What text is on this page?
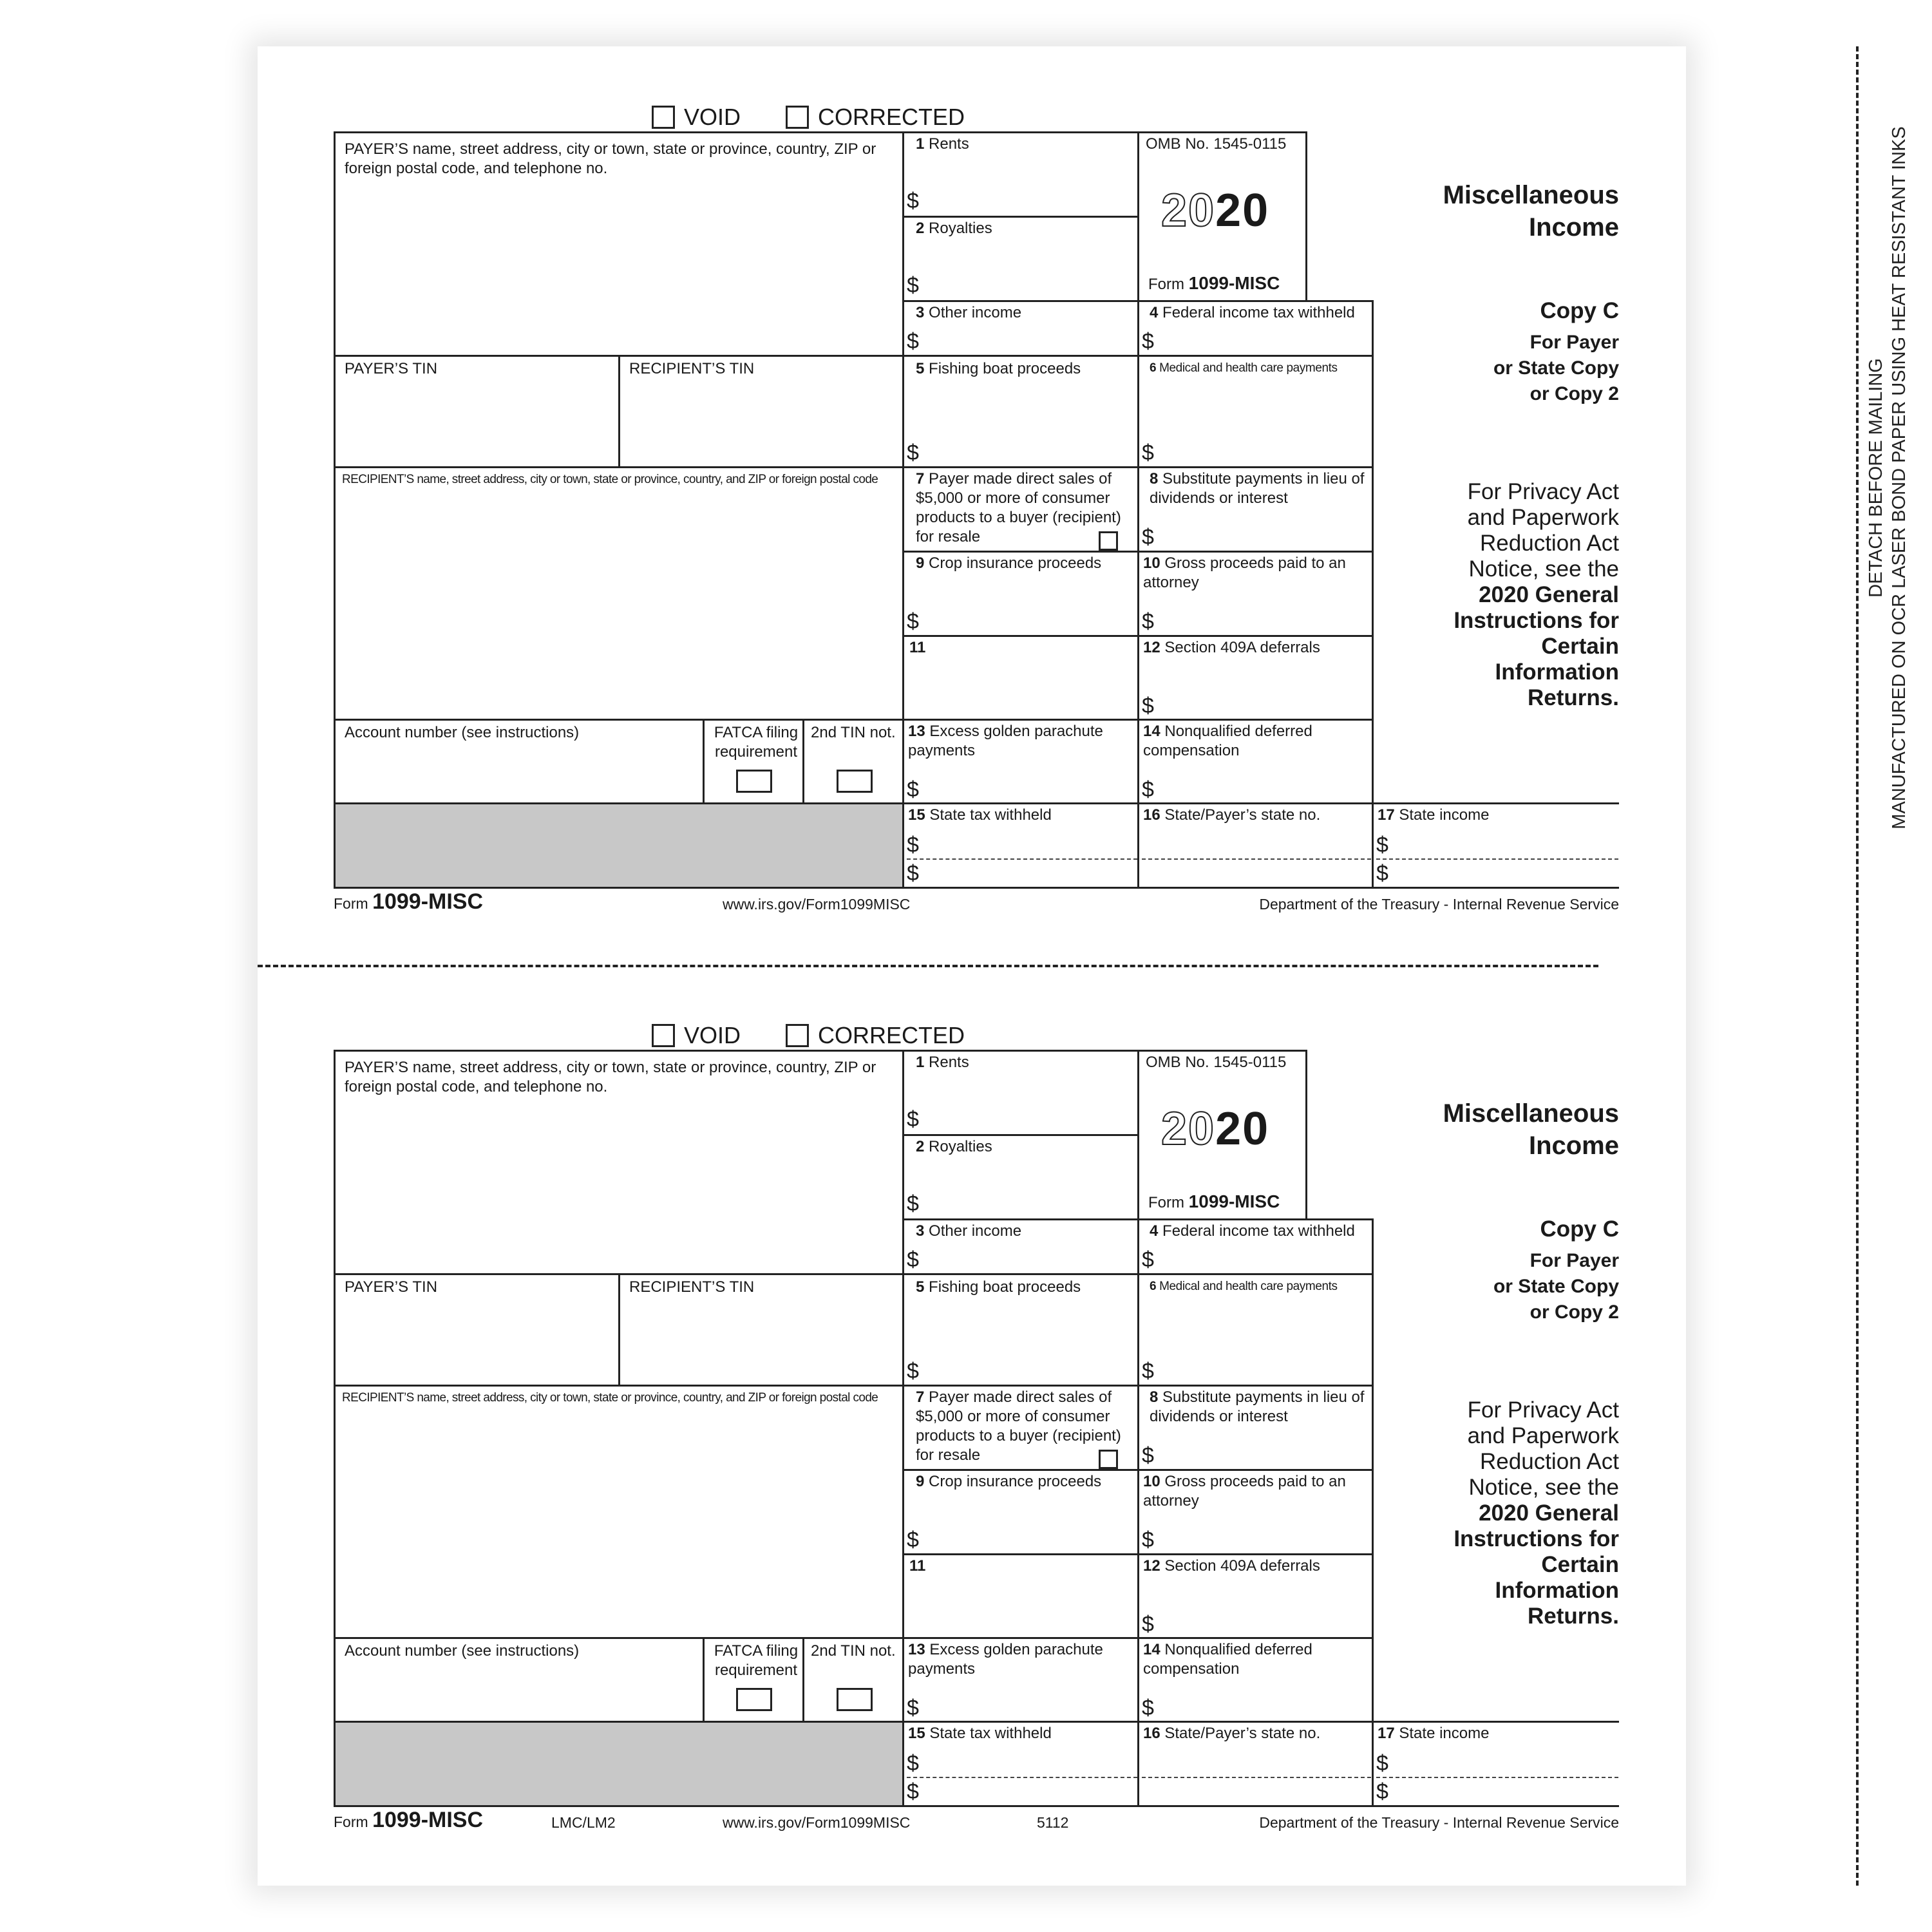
DETACH BEFORE MAILING MANUFACTURED ON OCR LASER BOND PAPER USING HEAT RESISTANT INKS
VOID	CORRECTED
PAYER’S name, street address, city or town, state or province, country, ZIP or foreign postal code, and telephone no.
PAYER’S TIN	RECIPIENT’S TIN
RECIPIENT’S name, street address, city or town, state or province, country, and ZIP or foreign postal code
Account number (see instructions)	FATCA filing requirement
2nd TIN not.
1 Rents
$
2 Royalties
$
OMB No. 1545-0115
2020
Form 1099-MISC
Miscellaneous
Income
3 Other income
$
4 Federal income tax withheld
$
5 Fishing boat proceeds
$
6 Medical and health care payments
$
7 Payer made direct sales of $5,000 or more of consumer products to a buyer (recipient) for resale
8 Substitute payments in lieu of dividends or interest
$
9 Crop insurance proceeds
$
10 Gross proceeds paid to an attorney
$
11	12 Section 409A deferrals
$
13 Excess golden parachute payments
$
14 Nonqualified deferred compensation
$
Copy C
For Payer
or State Copy
or Copy 2
For Privacy Act
and Paperwork
Reduction Act
Notice, see the
2020 General
Instructions for
Certain
Information
Returns.
15 State tax withheld
$
$
16 State/Payer’s state no.	17 State income
$
$
Form 1099-MISC	www.irs.gov/Form1099MISC	Department of the Treasury - Internal Revenue Service
VOID	CORRECTED
PAYER’S name, street address, city or town, state or province, country, ZIP or foreign postal code, and telephone no.
PAYER’S TIN	RECIPIENT’S TIN
RECIPIENT’S name, street address, city or town, state or province, country, and ZIP or foreign postal code
Account number (see instructions)	FATCA filing requirement
2nd TIN not.
1 Rents
$
2 Royalties
$
OMB No. 1545-0115
2020
Form 1099-MISC
Miscellaneous
Income
3 Other income
$
4 Federal income tax withheld
$
5 Fishing boat proceeds
$
6 Medical and health care payments
$
7 Payer made direct sales of $5,000 or more of consumer products to a buyer (recipient) for resale
8 Substitute payments in lieu of dividends or interest
$
9 Crop insurance proceeds
$
10 Gross proceeds paid to an attorney
$
11	12 Section 409A deferrals
$
13 Excess golden parachute payments
$
14 Nonqualified deferred compensation
$
Copy C
For Payer
or State Copy
or Copy 2
For Privacy Act
and Paperwork
Reduction Act
Notice, see the
2020 General
Instructions for
Certain
Information
Returns.
15 State tax withheld
$
$
16 State/Payer’s state no.	17 State income
$
$
Form 1099-MISC	LMC/LM2	www.irs.gov/Form1099MISC	5112	Department of the Treasury - Internal Revenue Service
